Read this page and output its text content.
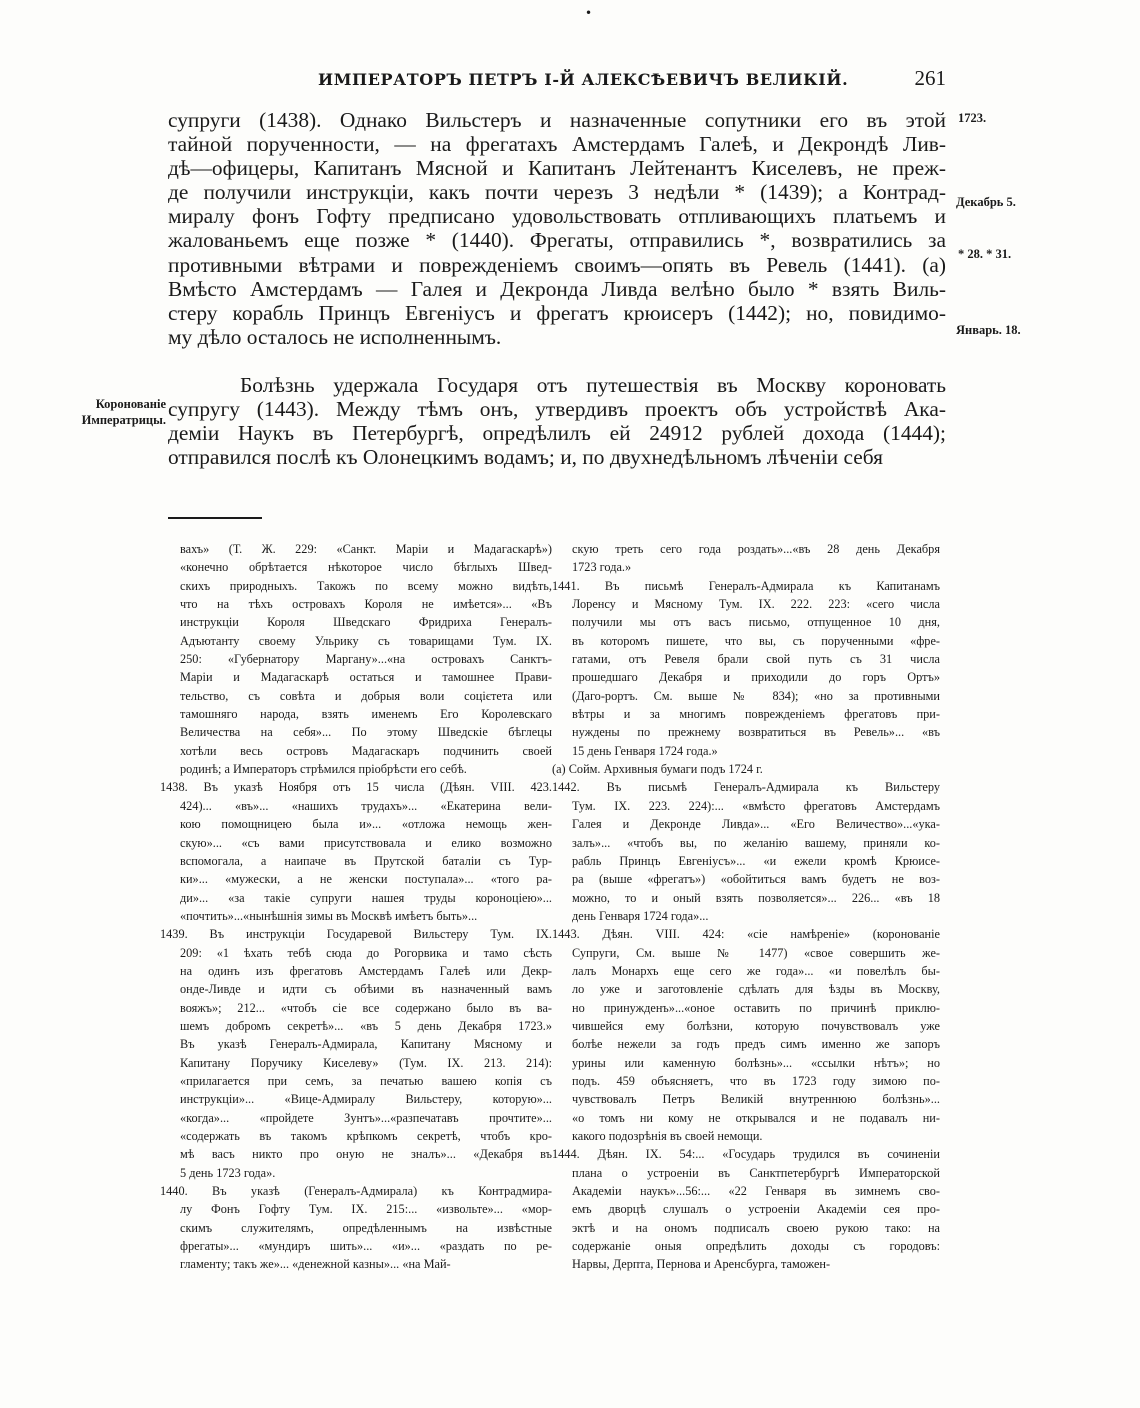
•
ИМПЕРАТОРЪ ПЕТРЪ I-Й АЛЕКСѢЕВИЧЪ ВЕЛИКІЙ.	261
1723.
Декабрь 5.
* 28. * 31.
Январь. 18.
Коронованіе Императрицы.
супруги (1438). Однако Вильстеръ и назначенные сопутники его въ этой
тайной порученности, — на фрегатахъ Амстердамъ Галеѣ, и Декрондѣ Лив-
дѣ—офицеры, Капитанъ Мясной и Капитанъ Лейтенантъ Киселевъ, не преж-
де получили инструкціи, какъ почти черезъ 3 недѣли * (1439); а Контрад-
миралу фонъ Гофту предписано удовольствовать отпливающихъ платьемъ и
жалованьемъ еще позже * (1440). Фрегаты, отправились *, возвратились за
противными вѣтрами и поврежденіемъ своимъ—опять въ Ревель (1441). (а)
Вмѣсто Амстердамъ — Галея и Декронда Ливда велѣно было * взять Виль-
стеру корабль Принцъ Евгеніусъ и фрегатъ крюисеръ (1442); но, повидимо-
му дѣло осталось не исполненнымъ.
Болѣзнь удержала Государя отъ путешествія въ Москву короновать
супругу (1443). Между тѣмъ онъ, утвердивъ проектъ объ устройствѣ Ака-
деміи Наукъ въ Петербургѣ, опредѣлилъ ей 24912 рублей дохода (1444);
отправился послѣ къ Олонецкимъ водамъ; и, по двухнедѣльномъ лѣченіи себя
вахъ» (Т. Ж. 229: «Санкт. Маріи и Мадагаскарѣ»)
«конечно обрѣтается нѣкоторое число бѣглыхъ Швед-
скихъ природныхъ. Такожъ по всему можно видѣть,
что на тѣхъ островахъ Короля не имѣется»... «Въ
инструкціи Короля Шведскаго Фридриха Генералъ-
Адъютанту своему Ульрику съ товарищами Тум. IX.
250: «Губернатору Маргану»...«на островахъ Санктъ-
Маріи и Мадагаскарѣ остаться и тамошнее Прави-
тельство, съ совѣта и добрыя воли соцієтета или
тамошняго народа, взять именемъ Его Королевскаго
Величества на себя»... По этому Шведскіе бѣглецы
хотѣли весь островъ Мадагаскаръ подчинить своей
родинѣ; а Императоръ стрѣмился пріобрѣсти его себѣ.
1438. Въ указѣ Ноября отъ 15 числа (Дѣян. VIII. 423.
424)... «въ»... «нашихъ трудахъ»... «Екатерина вели-
кою помощницею была и»... «отложа немощь жен-
скую»... «съ вами присутствовала и елико возможно
вспомогала, а наипаче въ Прутской баталіи съ Тур-
ки»... «мужески, а не женски поступала»... «того ра-
ди»... «за такіе супруги нашея труды короноціею»...
«почтить»...«нынѣшнія зимы въ Москвѣ имѣетъ быть»...
1439. Въ инструкціи Государевой Вильстеру Тум. IX.
209: «1 ѣхать тебѣ сюда до Рогорвика и тамо сѣсть
на одинъ изъ фрегатовъ Амстердамъ Галеѣ или Декр-
онде-Ливде и идти съ обѣими въ назначенный вамъ
вояжъ»; 212... «чтобъ сіе все содержано было въ ва-
шемъ добромъ секретѣ»... «въ 5 день Декабря 1723.»
Въ указѣ Генералъ-Адмирала, Капитану Мясному и
Капитану Поручику Киселеву» (Тум. IX. 213. 214):
«прилагается при семъ, за печатью вашею копія съ
инструкціи»... «Вице-Адмиралу Вильстеру, которую»...
«когда»... «пройдете Зунтъ»...«разпечатавъ прочтите»...
«содержать въ такомъ крѣпкомъ секретѣ, чтобъ кро-
мѣ васъ никто про оную не зналъ»... «Декабря въ
5 день 1723 года».
1440. Въ указѣ (Генералъ-Адмирала) къ Контрадмира-
лу Фонъ Гофту Тум. IX. 215:... «извольте»... «мор-
скимъ служителямъ, опредѣленнымъ на извѣстные
фрегаты»... «мундиръ шить»... «и»... «раздать по ре-
гламенту; такъ же»... «денежной казны»... «на Май-
скую треть сего года роздать»...«въ 28 день Декабря
1723 года.»
1441. Въ письмѣ Генералъ-Адмирала къ Капитанамъ
Лоренсу и Мясному Тум. IX. 222. 223: «сего числа
получили мы отъ васъ письмо, отпущенное 10 дня,
въ которомъ пишете, что вы, съ порученными «фре-
гатами, отъ Ревеля брали свой путь съ 31 числа
прошедшаго Декабря и приходили до горъ Ортъ»
(Даго-рортъ. См. выше № 834); «но за противными
вѣтры и за многимъ поврежденіемъ фрегатовъ при-
нуждены по прежнему возвратиться въ Ревель»... «въ
15 день Генваря 1724 года.»
(а) Сойм. Архивныя бумаги подъ 1724 г.
1442. Въ письмѣ Генералъ-Адмирала къ Вильстеру
Тум. IX. 223. 224):... «вмѣсто фрегатовъ Амстердамъ
Галея и Декронде Ливда»... «Его Величество»...«ука-
залъ»... «чтобъ вы, по желанію вашему, приняли ко-
рабль Принцъ Евгеніусъ»... «и ежели кромѣ Крюисе-
ра (выше «фрегатъ») «обойтиться вамъ будетъ не воз-
можно, то и оный взять позволяется»... 226... «въ 18
день Генваря 1724 года»...
1443. Дѣян. VIII. 424: «сіе намѣреніе» (коронованіе
Супруги, См. выше № 1477) «свое совершить же-
лалъ Монархъ еще сего же года»... «и повелѣлъ бы-
ло уже и заготовленіе сдѣлать для ѣзды въ Москву,
но принужденъ»...«оное оставить по причинѣ приклю-
чившейся ему болѣзни, которую почувствовалъ уже
болѣе нежели за годъ предъ симъ именно же запоръ
урины или каменную болѣзнь»... «ссылки нѣтъ»; но
подъ. 459 объясняетъ, что въ 1723 году зимою по-
чувствовалъ Петръ Великій внутреннюю болѣзнь»...
«о томъ ни кому не открывался и не подавалъ ни-
какого подозрѣнія въ своей немощи.
1444. Дѣян. IX. 54:... «Государь трудился въ сочиненіи
плана о устроеніи въ Санктпетербургѣ Императорской
Академіи наукъ»...56:... «22 Генваря въ зимнемъ сво-
емъ дворцѣ слушалъ о устроеніи Академіи сея про-
эктѣ и на ономъ подписалъ своею рукою тако: на
содержаніе оныя опредѣлить доходы съ городовъ:
Нарвы, Дерпта, Пернова и Аренсбурга, таможен-
